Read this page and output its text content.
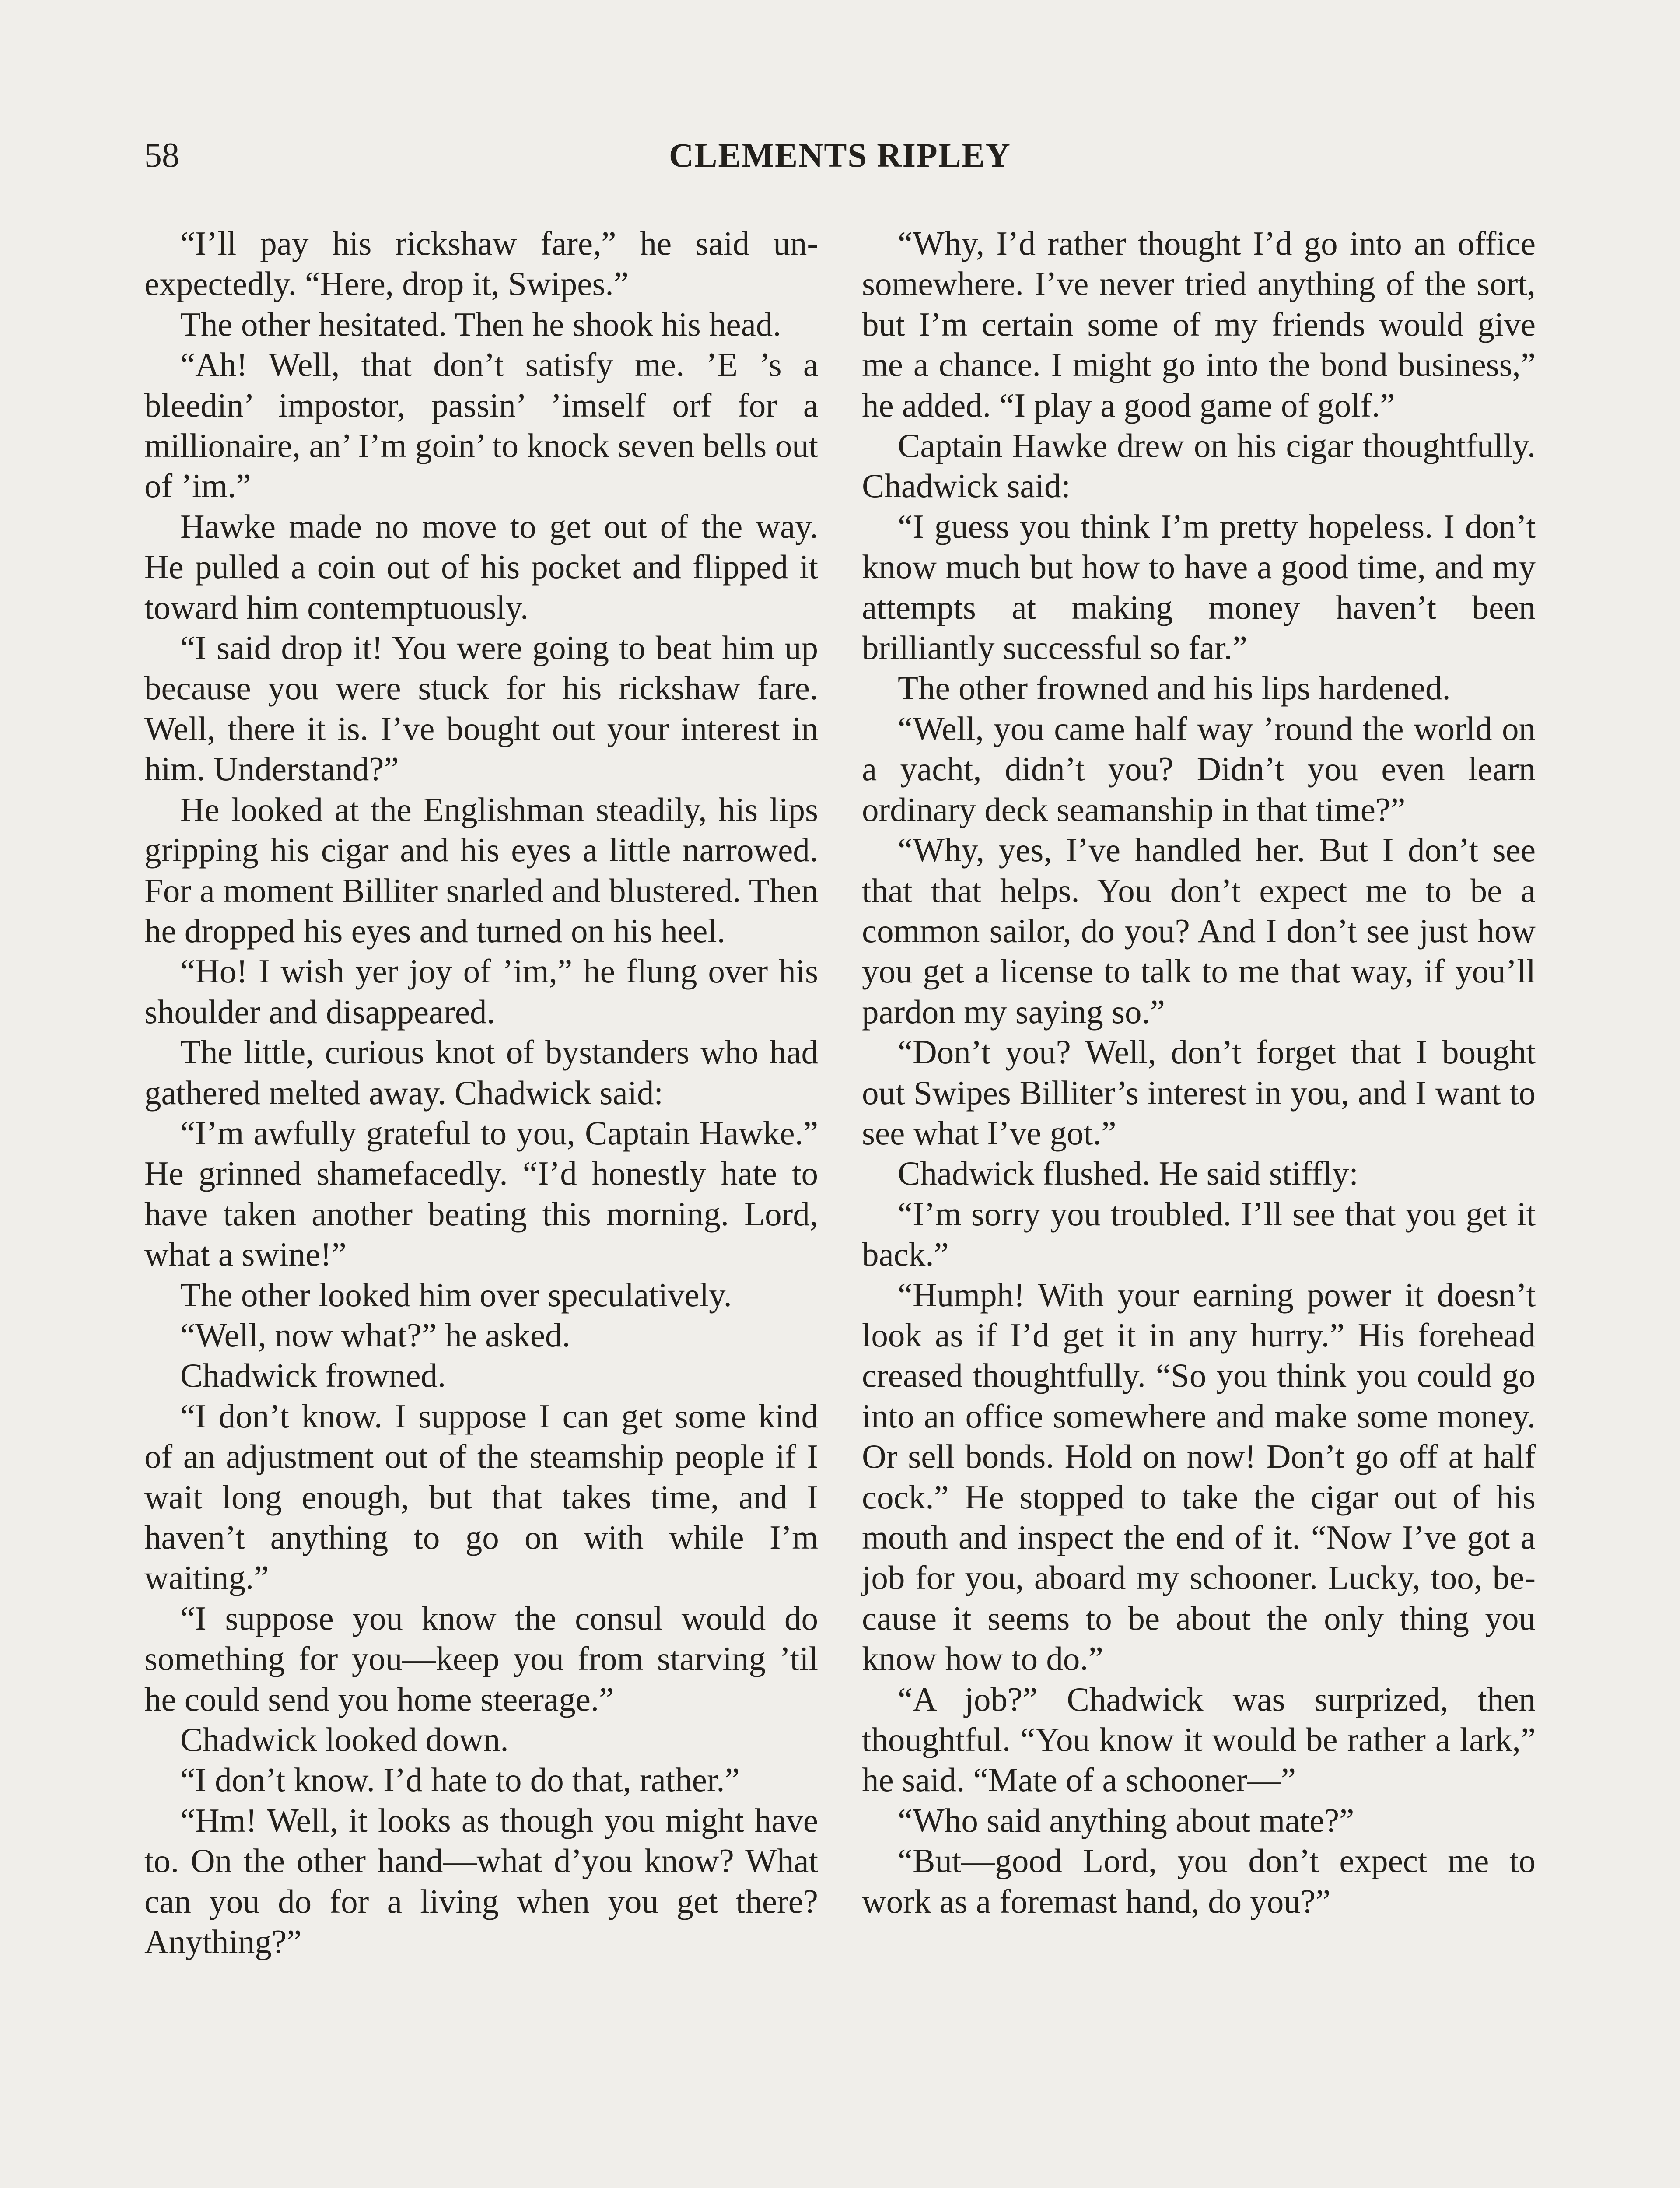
58	CLEMENTS RIPLEY

“I’ll pay his rickshaw fare,” he said unexpectedly. “Here, drop it, Swipes.”

The other hesitated. Then he shook his head.

“Ah! Well, that don’t satisfy me. ’E ’s a bleedin’ impostor, passin’ ’imself orf for a millionaire, an’ I’m goin’ to knock seven bells out of ’im.”

Hawke made no move to get out of the way. He pulled a coin out of his pocket and flipped it toward him contemptuously.

“I said drop it! You were going to beat him up because you were stuck for his rickshaw fare. Well, there it is. I’ve bought out your interest in him. Understand?”

He looked at the Englishman steadily, his lips gripping his cigar and his eyes a little narrowed. For a moment Billiter snarled and blustered. Then he dropped his eyes and turned on his heel.

“Ho! I wish yer joy of ’im,” he flung over his shoulder and disappeared.

The little, curious knot of bystanders who had gathered melted away. Chadwick said:

“I’m awfully grateful to you, Captain Hawke.” He grinned shamefacedly. “I’d honestly hate to have taken another beating this morning. Lord, what a swine!”

The other looked him over speculatively.

“Well, now what?” he asked.

Chadwick frowned.

“I don’t know. I suppose I can get some kind of an adjustment out of the steamship people if I wait long enough, but that takes time, and I haven’t anything to go on with while I’m waiting.”

“I suppose you know the consul would do something for you—keep you from starving ’til he could send you home steerage.”

Chadwick looked down.

“I don’t know. I’d hate to do that, rather.”

“Hm! Well, it looks as though you might have to. On the other hand—what d’you know? What can you do for a living when you get there? Anything?”

“Why, I’d rather thought I’d go into an office somewhere. I’ve never tried anything of the sort, but I’m certain some of my friends would give me a chance. I might go into the bond business,” he added. “I play a good game of golf.”

Captain Hawke drew on his cigar thoughtfully. Chadwick said:

“I guess you think I’m pretty hopeless. I don’t know much but how to have a good time, and my attempts at making money haven’t been brilliantly successful so far.”

The other frowned and his lips hardened.

“Well, you came half way ’round the world on a yacht, didn’t you? Didn’t you even learn ordinary deck seamanship in that time?”

“Why, yes, I’ve handled her. But I don’t see that that helps. You don’t expect me to be a common sailor, do you? And I don’t see just how you get a license to talk to me that way, if you’ll pardon my saying so.”

“Don’t you? Well, don’t forget that I bought out Swipes Billiter’s interest in you, and I want to see what I’ve got.”

Chadwick flushed. He said stiffly:

“I’m sorry you troubled. I’ll see that you get it back.”

“Humph! With your earning power it doesn’t look as if I’d get it in any hurry.” His forehead creased thoughtfully. “So you think you could go into an office somewhere and make some money. Or sell bonds. Hold on now! Don’t go off at half cock.” He stopped to take the cigar out of his mouth and inspect the end of it. “Now I’ve got a job for you, aboard my schooner. Lucky, too, because it seems to be about the only thing you know how to do.”

“A job?” Chadwick was surprized, then thoughtful. “You know it would be rather a lark,” he said. “Mate of a schooner—”

“Who said anything about mate?”

“But—good Lord, you don’t expect me to work as a foremast hand, do you?”
